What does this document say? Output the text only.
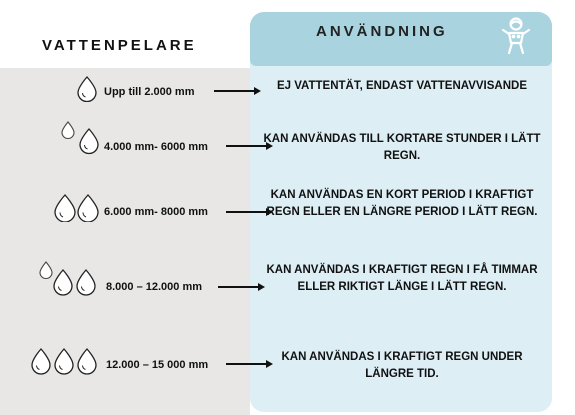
VATTENPELARE
ANVÄNDNING
Upp till 2.000 mm	EJ VATTENTÄT, ENDAST VATTENAVVISANDE
4.000 mm- 6000 mm
KAN ANVÄNDAS TILL KORTARE STUNDER I LÄTT REGN.
6.000 mm- 8000 mm
KAN ANVÄNDAS EN KORT PERIOD I KRAFTIGT REGN ELLER EN LÄNGRE PERIOD I LÄTT REGN.
8.000 – 12.000 mm
KAN ANVÄNDAS I KRAFTIGT REGN I FÅ TIMMAR ELLER RIKTIGT LÄNGE I LÄTT REGN.
12.000 – 15 000 mm
KAN ANVÄNDAS I KRAFTIGT REGN UNDER LÄNGRE TID.
